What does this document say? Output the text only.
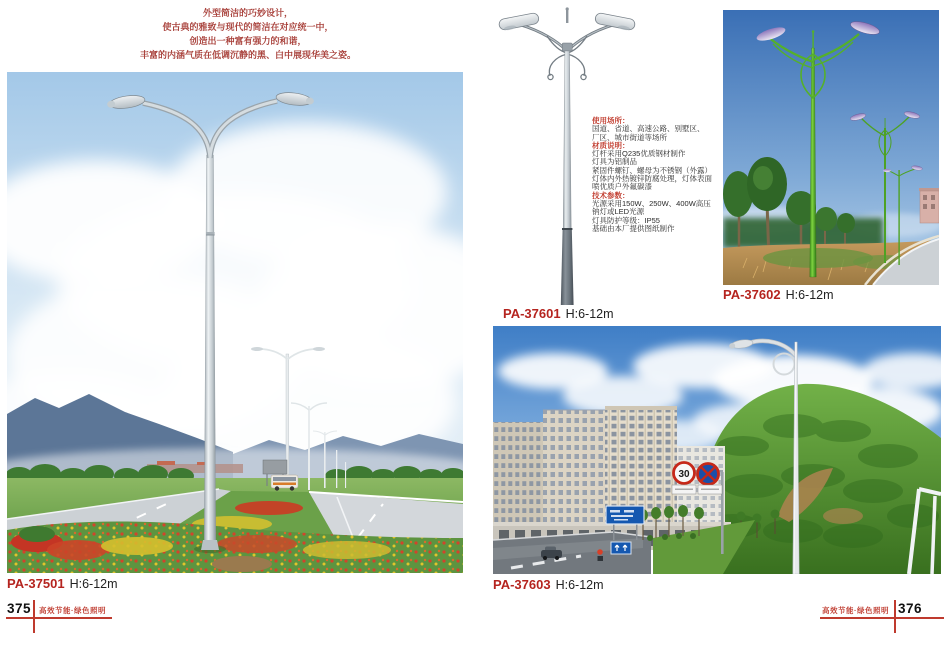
外型简洁的巧妙设计，
使古典的雅致与现代的简洁在对应统一中，
创造出一种富有强力的和谐，
丰富的内涵气质在低调沉静的黑、白中展现华美之姿。
使用场所：
国道、省道、高速公路、别墅区、
厂区、城市街道等场所
材质说明：
灯杆采用Q235优质钢材制作
灯具为铝制品
紧固件螺钉、螺母为不锈钢（外露）
灯体内外热镀锌防腐处理，灯体表面
喷优质户外氟碳漆
技术参数：
光源采用150W、250W、400W高压
钠灯或LED光源
灯具防护等级：IP55
基础由本厂提供图纸制作
30
PA-37501 H:6-12m
PA-37601 H:6-12m
PA-37602 H:6-12m
PA-37603 H:6-12m
375 高效节能·绿色照明	高效节能·绿色照明 376
